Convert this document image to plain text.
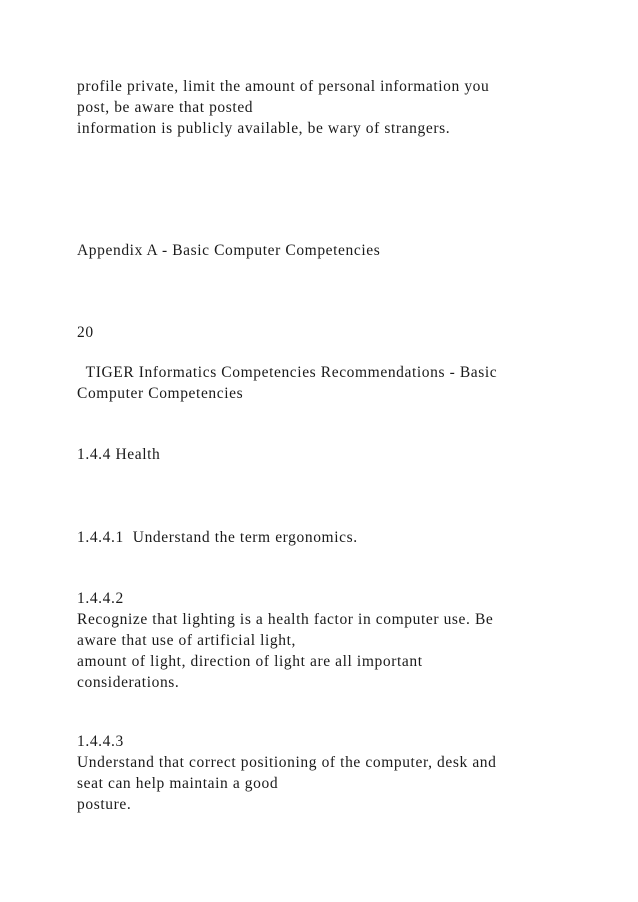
profile private, limit the amount of personal information you
post, be aware that posted
information is publicly available, be wary of strangers.

Appendix A - Basic Computer Competencies

20

TIGER Informatics Competencies Recommendations - Basic
Computer Competencies

1.4.4 Health

1.4.4.1  Understand the term ergonomics.

1.4.4.2
Recognize that lighting is a health factor in computer use. Be
aware that use of artificial light,
amount of light, direction of light are all important
considerations.

1.4.4.3
Understand that correct positioning of the computer, desk and
seat can help maintain a good
posture.
